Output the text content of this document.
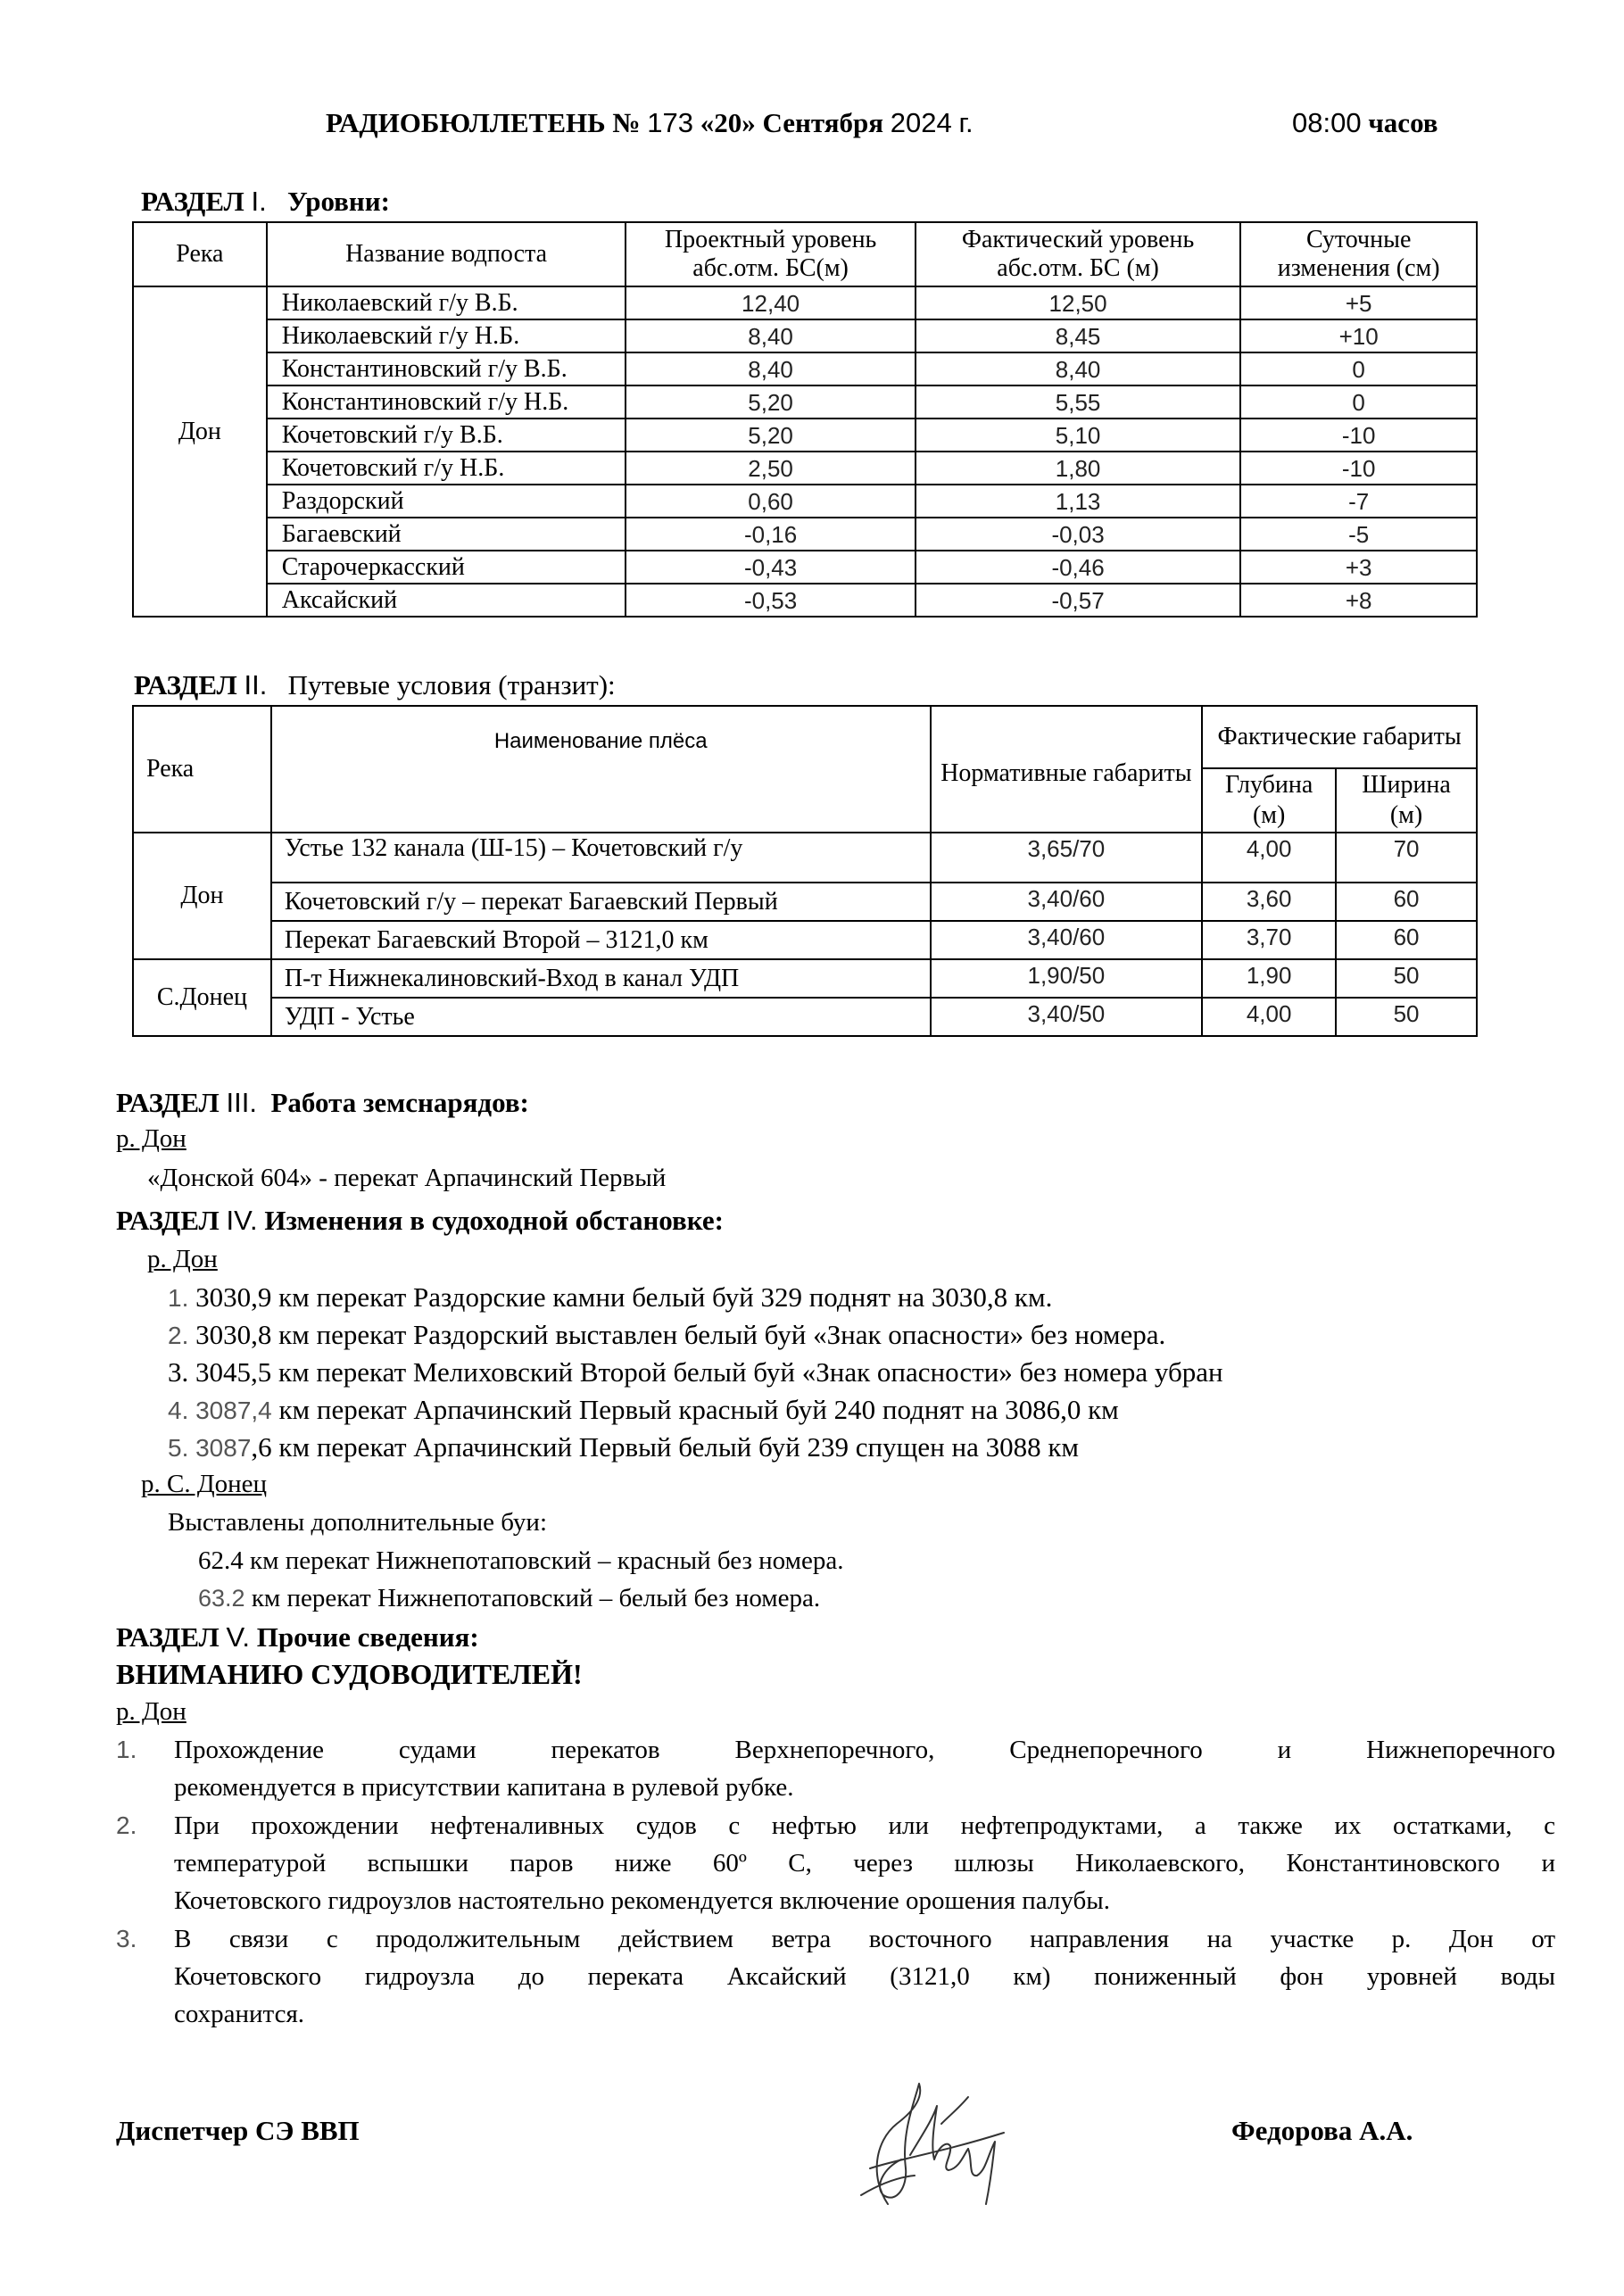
РАДИОБЮЛЛЕТЕНЬ № 173 «20» Сентября 2024 г.	08:00 часов
РАЗДЕЛ I. Уровни:
Река	Название водпоста	Проектный уровень абс.отм. БС(м)	Фактический уровень абс.отм. БС (м)	Суточные изменения (см)
Дон	Николаевский г/у В.Б.	12,40	12,50	+5
	Николаевский г/у Н.Б.	8,40	8,45	+10
	Константиновский г/у В.Б.	8,40	8,40	0
	Константиновский г/у Н.Б.	5,20	5,55	0
	Кочетовский г/у В.Б.	5,20	5,10	-10
	Кочетовский г/у Н.Б.	2,50	1,80	-10
	Раздорский	0,60	1,13	-7
	Багаевский	-0,16	-0,03	-5
	Старочеркасский	-0,43	-0,46	+3
	Аксайский	-0,53	-0,57	+8
РАЗДЕЛ II. Путевые условия (транзит):
Река	Наименование плёса	Нормативные габариты	Фактические габариты	
			Глубина (м)	Ширина (м)
Дон	Устье 132 канала (Ш-15) – Кочетовский г/у	3,65/70	4,00	70
	Кочетовский г/у – перекат Багаевский Первый	3,40/60	3,60	60
	Перекат Багаевский Второй – 3121,0 км	3,40/60	3,70	60
С.Донец	П-т Нижнекалиновский-Вход в канал УДП	1,90/50	1,90	50
	УДП - Устье	3,40/50	4,00	50
РАЗДЕЛ III. Работа земснарядов:
р. Дон
«Донской 604» - перекат Арпачинский Первый
РАЗДЕЛ IV. Изменения в судоходной обстановке:
р. Дон
1. 3030,9 км перекат Раздорские камни белый буй 329 поднят на 3030,8 км.
2. 3030,8 км перекат Раздорский выставлен белый буй «Знак опасности» без номера.
3. 3045,5 км перекат Мелиховский Второй белый буй «Знак опасности» без номера убран
4. 3087,4 км перекат Арпачинский Первый красный буй 240 поднят на 3086,0 км
5. 3087,6 км перекат Арпачинский Первый белый буй 239 спущен на 3088 км
р. С. Донец
Выставлены дополнительные буи:
62.4 км перекат Нижнепотаповский – красный без номера.
63.2 км перекат Нижнепотаповский – белый без номера.
РАЗДЕЛ V. Прочие сведения:
ВНИМАНИЮ СУДОВОДИТЕЛЕЙ!
р. Дон
1. Прохождение судами перекатов Верхнепоречного, Среднепоречного и Нижнепоречного
рекомендуется в присутствии капитана в рулевой рубке.
2. При прохождении нефтеналивных судов с нефтью или нефтепродуктами, а также их остатками, с
температурой вспышки паров ниже 60º С, через шлюзы Николаевского, Константиновского и
Кочетовского гидроузлов настоятельно рекомендуется включение орошения палубы.
3. В связи с продолжительным действием ветра восточного направления на участке р. Дон от
Кочетовского гидроузла до переката Аксайский (3121,0 км) пониженный фон уровней воды
сохранится.
Диспетчер СЭ ВВП	Федорова А.А.
